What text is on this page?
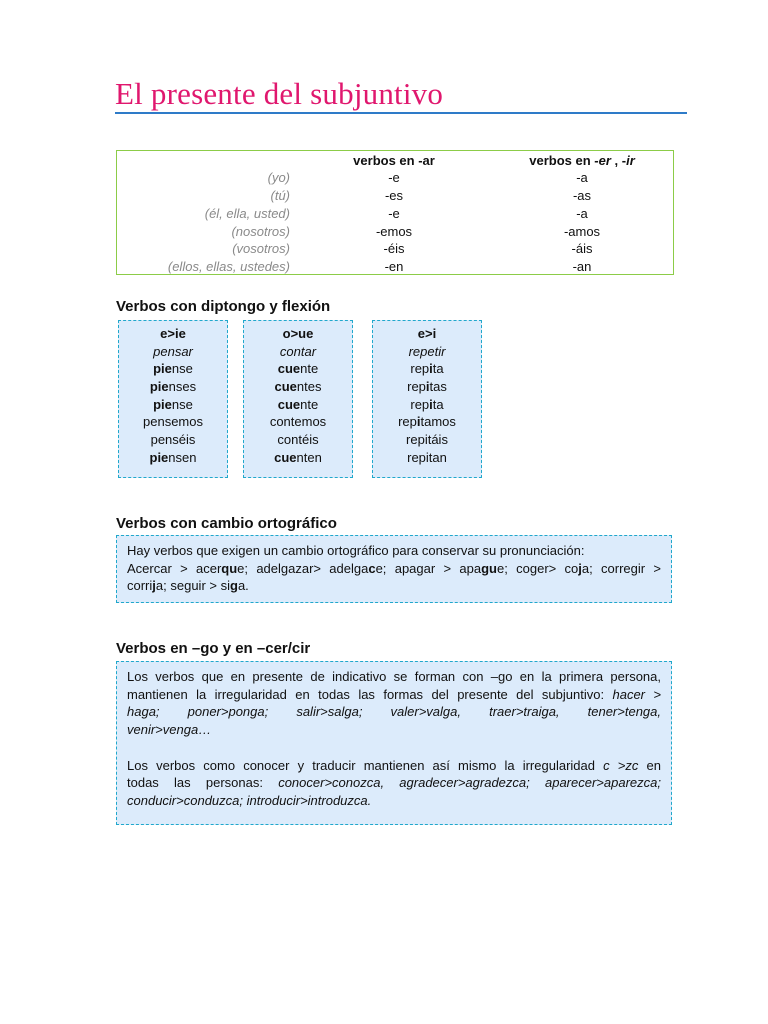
El presente del subjuntivo
verbos en -ar	verbos en -er , -ir
(yo)	-e	-a
(tú)	-es	-as
(él, ella, usted)	-e	-a
(nosotros)	-emos	-amos
(vosotros)	-éis	-áis
(ellos, ellas, ustedes)	-en	-an
Verbos con diptongo y flexión
e>ie
pensar
piense
pienses
piense
pensemos
penséis
piensen
o>ue
contar
cuente
cuentes
cuente
contemos
contéis
cuenten
e>i
repetir
repita
repitas
repita
repitamos
repitáis
repitan
Verbos con cambio ortográfico

Hay verbos que exigen un cambio ortográfico para conservar su pronunciación:

Acercar > acerque; adelgazar> adelgace; apagar > apague; coger> coja; corregir >

corrija; seguir > siga.

Verbos en –go y en –cer/cir

Los verbos que en presente de indicativo se forman con –go en la primera persona,

mantienen la irregularidad en todas las formas del presente del subjuntivo: hacer >

haga; poner>ponga; salir>salga; valer>valga, traer>traiga, tener>tenga,

venir>venga…

Los verbos como conocer y traducir mantienen así mismo la irregularidad c >zc en

todas las personas: conocer>conozca, agradecer>agradezca; aparecer>aparezca;

conducir>conduzca; introducir>introduzca.
